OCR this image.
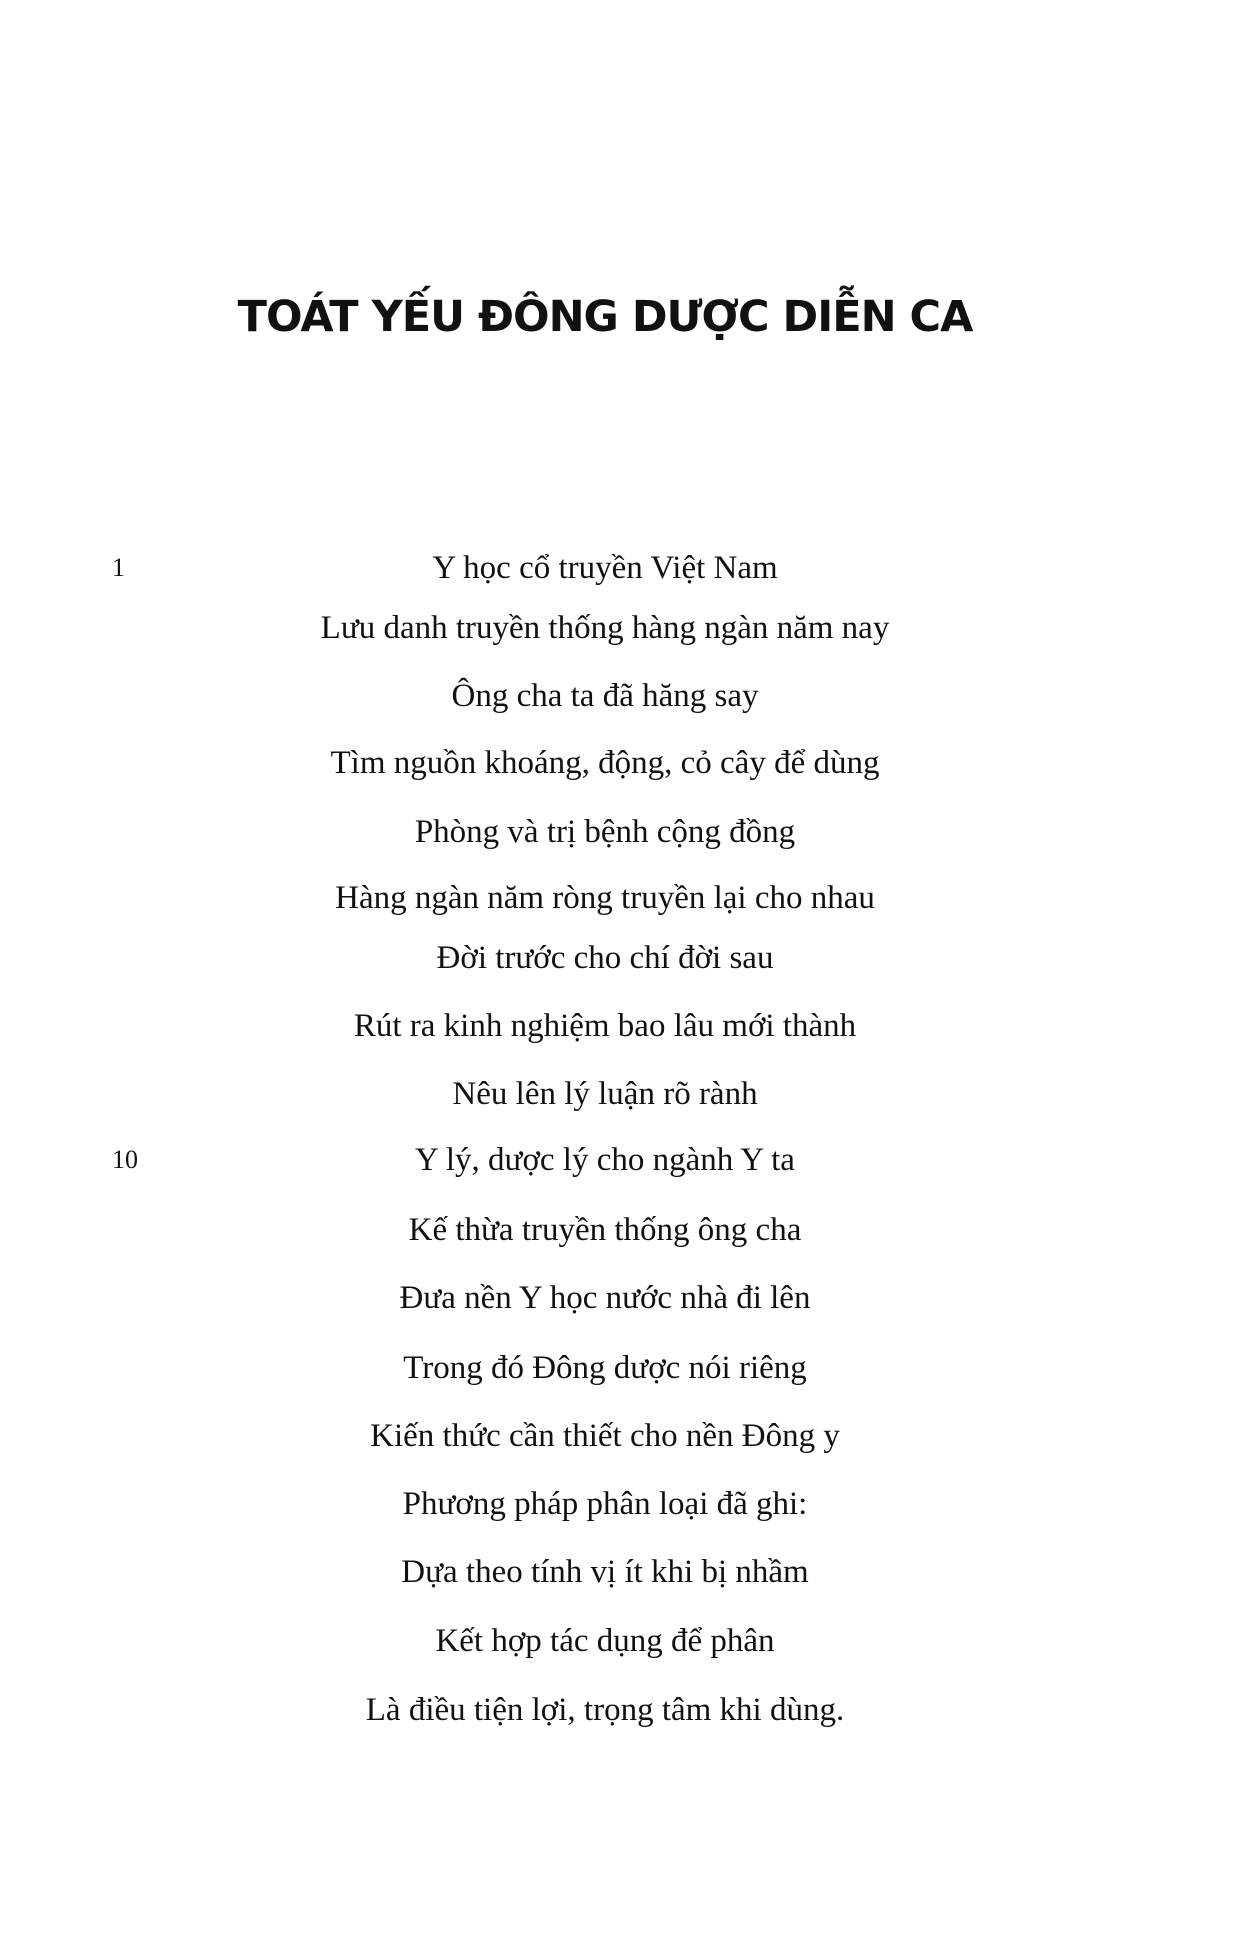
TOÁT YẾU ĐÔNG DƯỢC DIỄN CA
1
10
Y học cổ truyền Việt Nam
Lưu danh truyền thống hàng ngàn năm nay
Ông cha ta đã hăng say
Tìm nguồn khoáng, động, cỏ cây để dùng
Phòng và trị bệnh cộng đồng
Hàng ngàn năm ròng truyền lại cho nhau
Đời trước cho chí đời sau
Rút ra kinh nghiệm bao lâu mới thành
Nêu lên lý luận rõ rành
Y lý, dược lý cho ngành Y ta
Kế thừa truyền thống ông cha
Đưa nền Y học nước nhà đi lên
Trong đó Đông dược nói riêng
Kiến thức cần thiết cho nền Đông y
Phương pháp phân loại đã ghi:
Dựa theo tính vị ít khi bị nhầm
Kết hợp tác dụng để phân
Là điều tiện lợi, trọng tâm khi dùng.
